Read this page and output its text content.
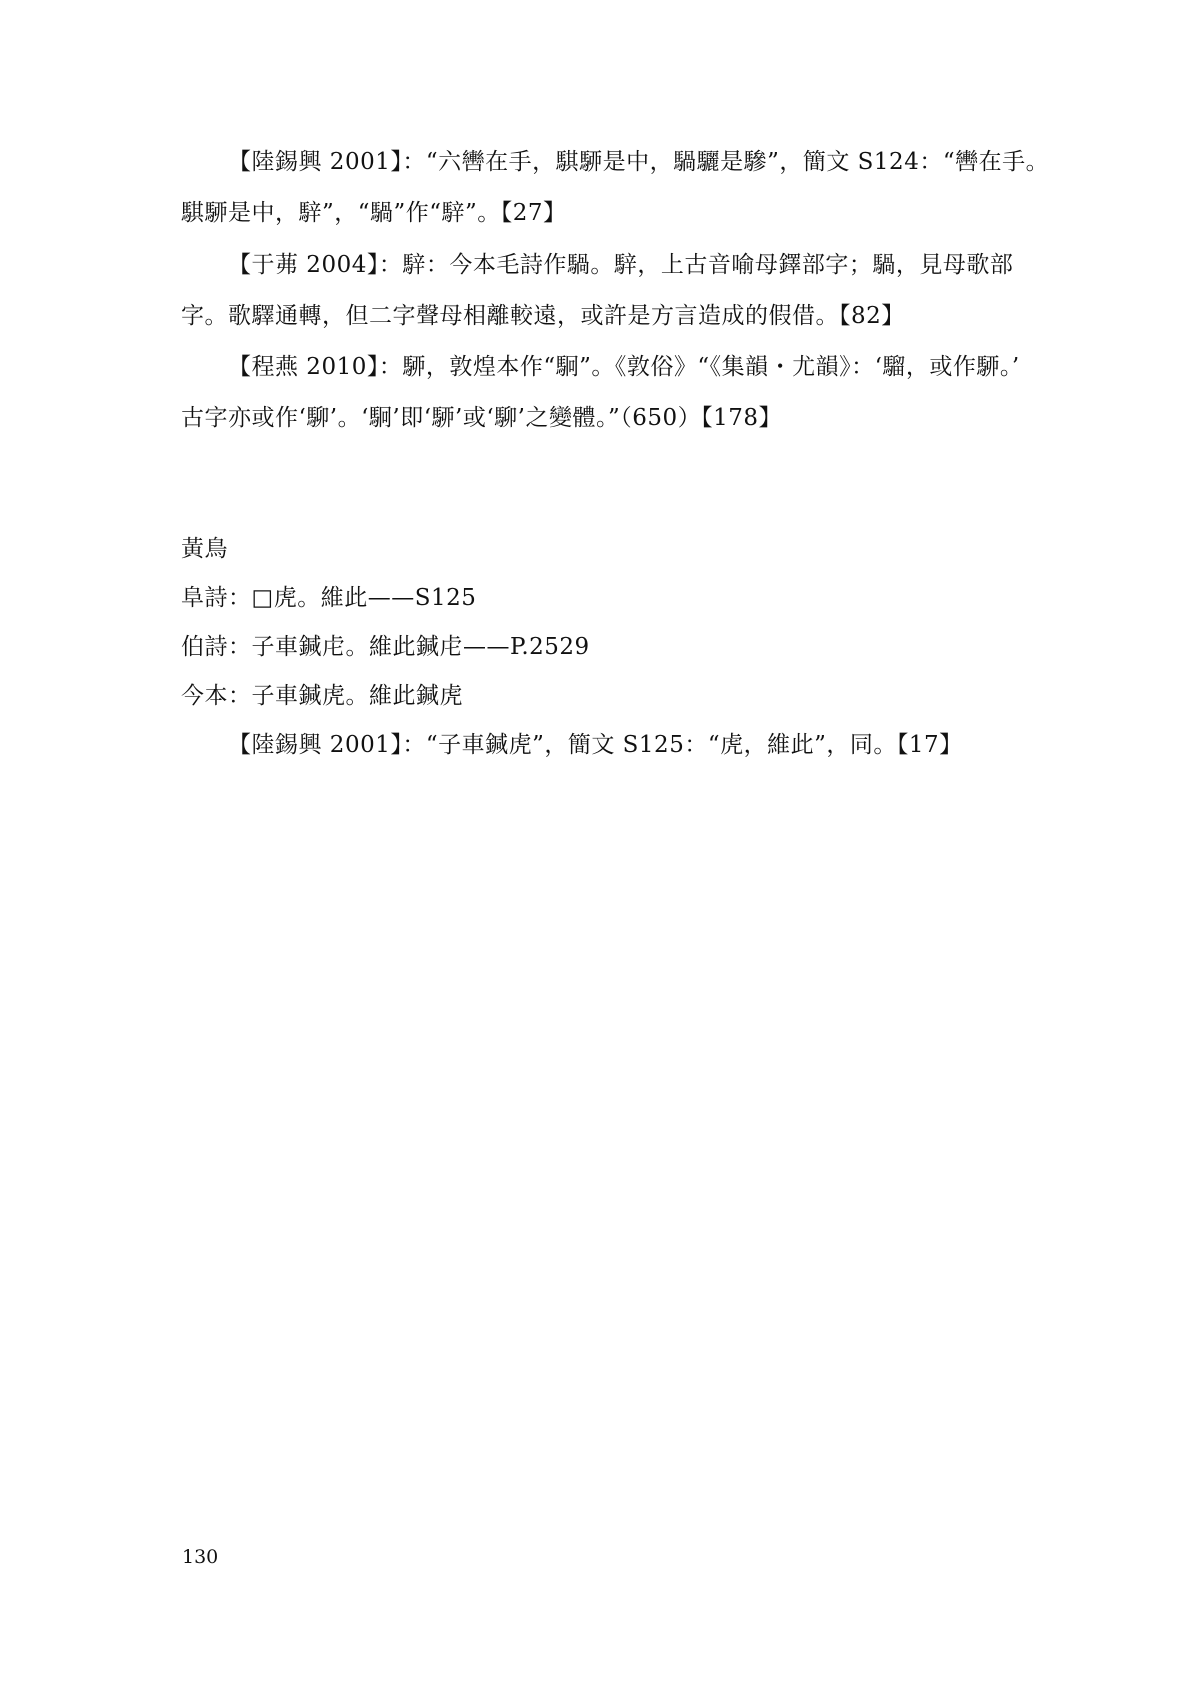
【陸錫興 2001】：“六轡在手，騏駵是中，騧驪是驂”，簡文 S124：“轡在手。
騏駵是中，騂”，“騧”作“騂”。【27】
【于茀 2004】：騂：今本毛詩作騧。騂，上古音喻母鐸部字；騧，見母歌部
字。歌驛通轉，但二字聲母相離較遠，或許是方言造成的假借。【82】
【程燕 2010】：駵，敦煌本作“駉”。《敦俗》“《集韻・尤韻》：‘騮，或作駵。’
古字亦或作‘駠’。‘駉’即‘駵’或‘駠’之變體。”（650）【178】
黃鳥
阜詩：□虎。維此——S125
伯詩：子車鍼虍。維此鍼虍——P.2529
今本：子車鍼虎。維此鍼虎
【陸錫興 2001】：“子車鍼虎”，簡文 S125：“虎，維此”，同。【17】
130
